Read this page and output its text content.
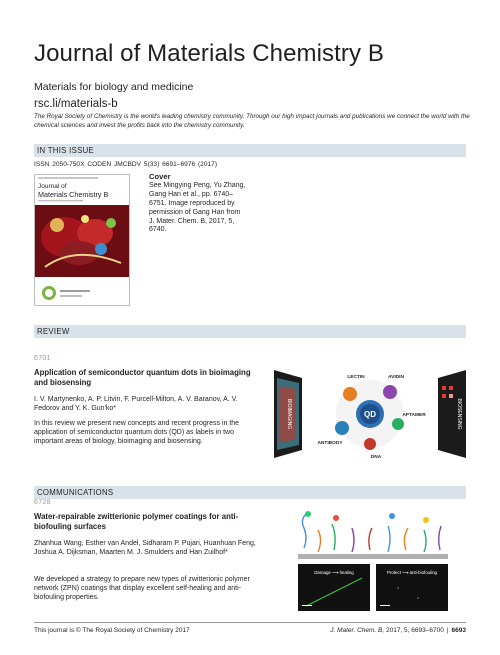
Journal of Materials Chemistry B
Materials for biology and medicine
rsc.li/materials-b
The Royal Society of Chemistry is the world's leading chemistry community. Through our high impact journals and publications we connect the world with the chemical sciences and invest the profits back into the chemistry community.
IN THIS ISSUE
ISSN 2050-750X CODEN JMCBDV 5(33) 6691–6976 (2017)
Journal of
Materials Chemistry B
Cover
See Mingying Peng, Yu Zhang, Gang Han et al., pp. 6740–6751. Image reproduced by permission of Gang Han from J. Mater. Chem. B, 2017, 5, 6740.
REVIEW
6701
Application of semiconductor quantum dots in bioimaging and biosensing
I. V. Martynenko, A. P. Litvin, F. Purcell-Milton, A. V. Baranov, A. V. Fedorov and Y. K. Gun'ko*
In this review we present new concepts and recent progress in the application of semiconductor quantum dots (QD) as labels in two important areas of biology, bioimaging and biosensing.
BIOIMAGING	BIOSENSING
QD
LECTIN	AVIDIN
APTAMER
DNA
ANTIBODY
COMMUNICATIONS
6728
Water-repairable zwitterionic polymer coatings for anti-biofouling surfaces
Zhanhua Wang, Esther van Andel, Sidharam P. Pujari, Huanhuan Feng, Joshua A. Dijksman, Maarten M. J. Smulders and Han Zuilhof*
We developed a strategy to prepare new types of zwitterionic polymer network (ZPN) coatings that display excellent self-healing and anti-biofouling properties.
Damage ⟶ healing	Protect ⟶ anti-biofouling
This journal is © The Royal Society of Chemistry 2017	J. Mater. Chem. B, 2017, 5, 6693–6700 | 6693
